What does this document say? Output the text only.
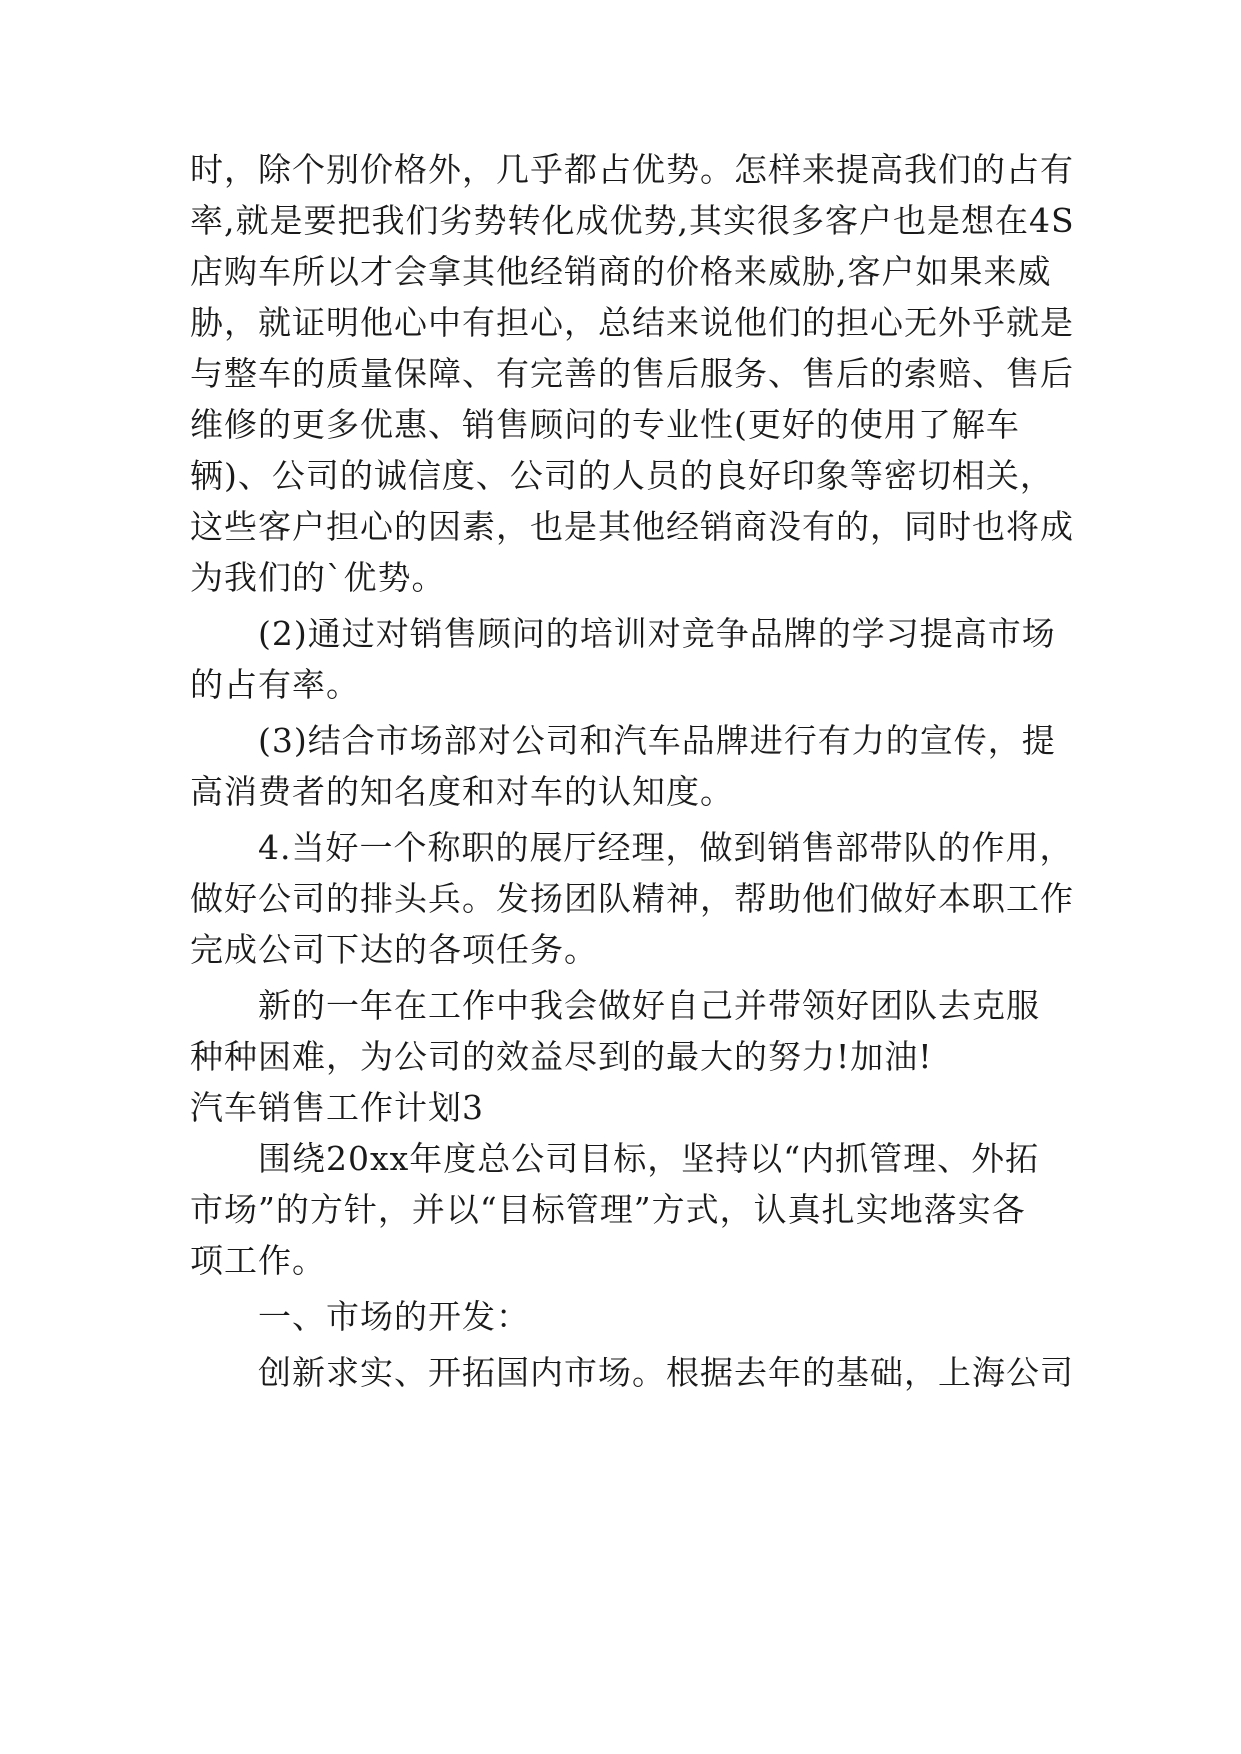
时，除个别价格外，几乎都占优势。怎样来提高我们的占有
率,就是要把我们劣势转化成优势,其实很多客户也是想在4S
店购车所以才会拿其他经销商的价格来威胁,客户如果来威
胁，就证明他心中有担心，总结来说他们的担心无外乎就是
与整车的质量保障、有完善的售后服务、售后的索赔、售后
维修的更多优惠、销售顾问的专业性(更好的使用了解车
辆)、公司的诚信度、公司的人员的良好印象等密切相关，
这些客户担心的因素，也是其他经销商没有的，同时也将成
为我们的`优势。
(2)通过对销售顾问的培训对竞争品牌的学习提高市场
的占有率。
(3)结合市场部对公司和汽车品牌进行有力的宣传，提
高消费者的知名度和对车的认知度。
4.当好一个称职的展厅经理，做到销售部带队的作用，
做好公司的排头兵。发扬团队精神，帮助他们做好本职工作
完成公司下达的各项任务。
新的一年在工作中我会做好自己并带领好团队去克服
种种困难，为公司的效益尽到的最大的努力!加油!
汽车销售工作计划3
围绕20xx年度总公司目标，坚持以“内抓管理、外拓
市场”的方针，并以“目标管理”方式，认真扎实地落实各
项工作。
一、市场的开发：
创新求实、开拓国内市场。根据去年的基础，上海公司
